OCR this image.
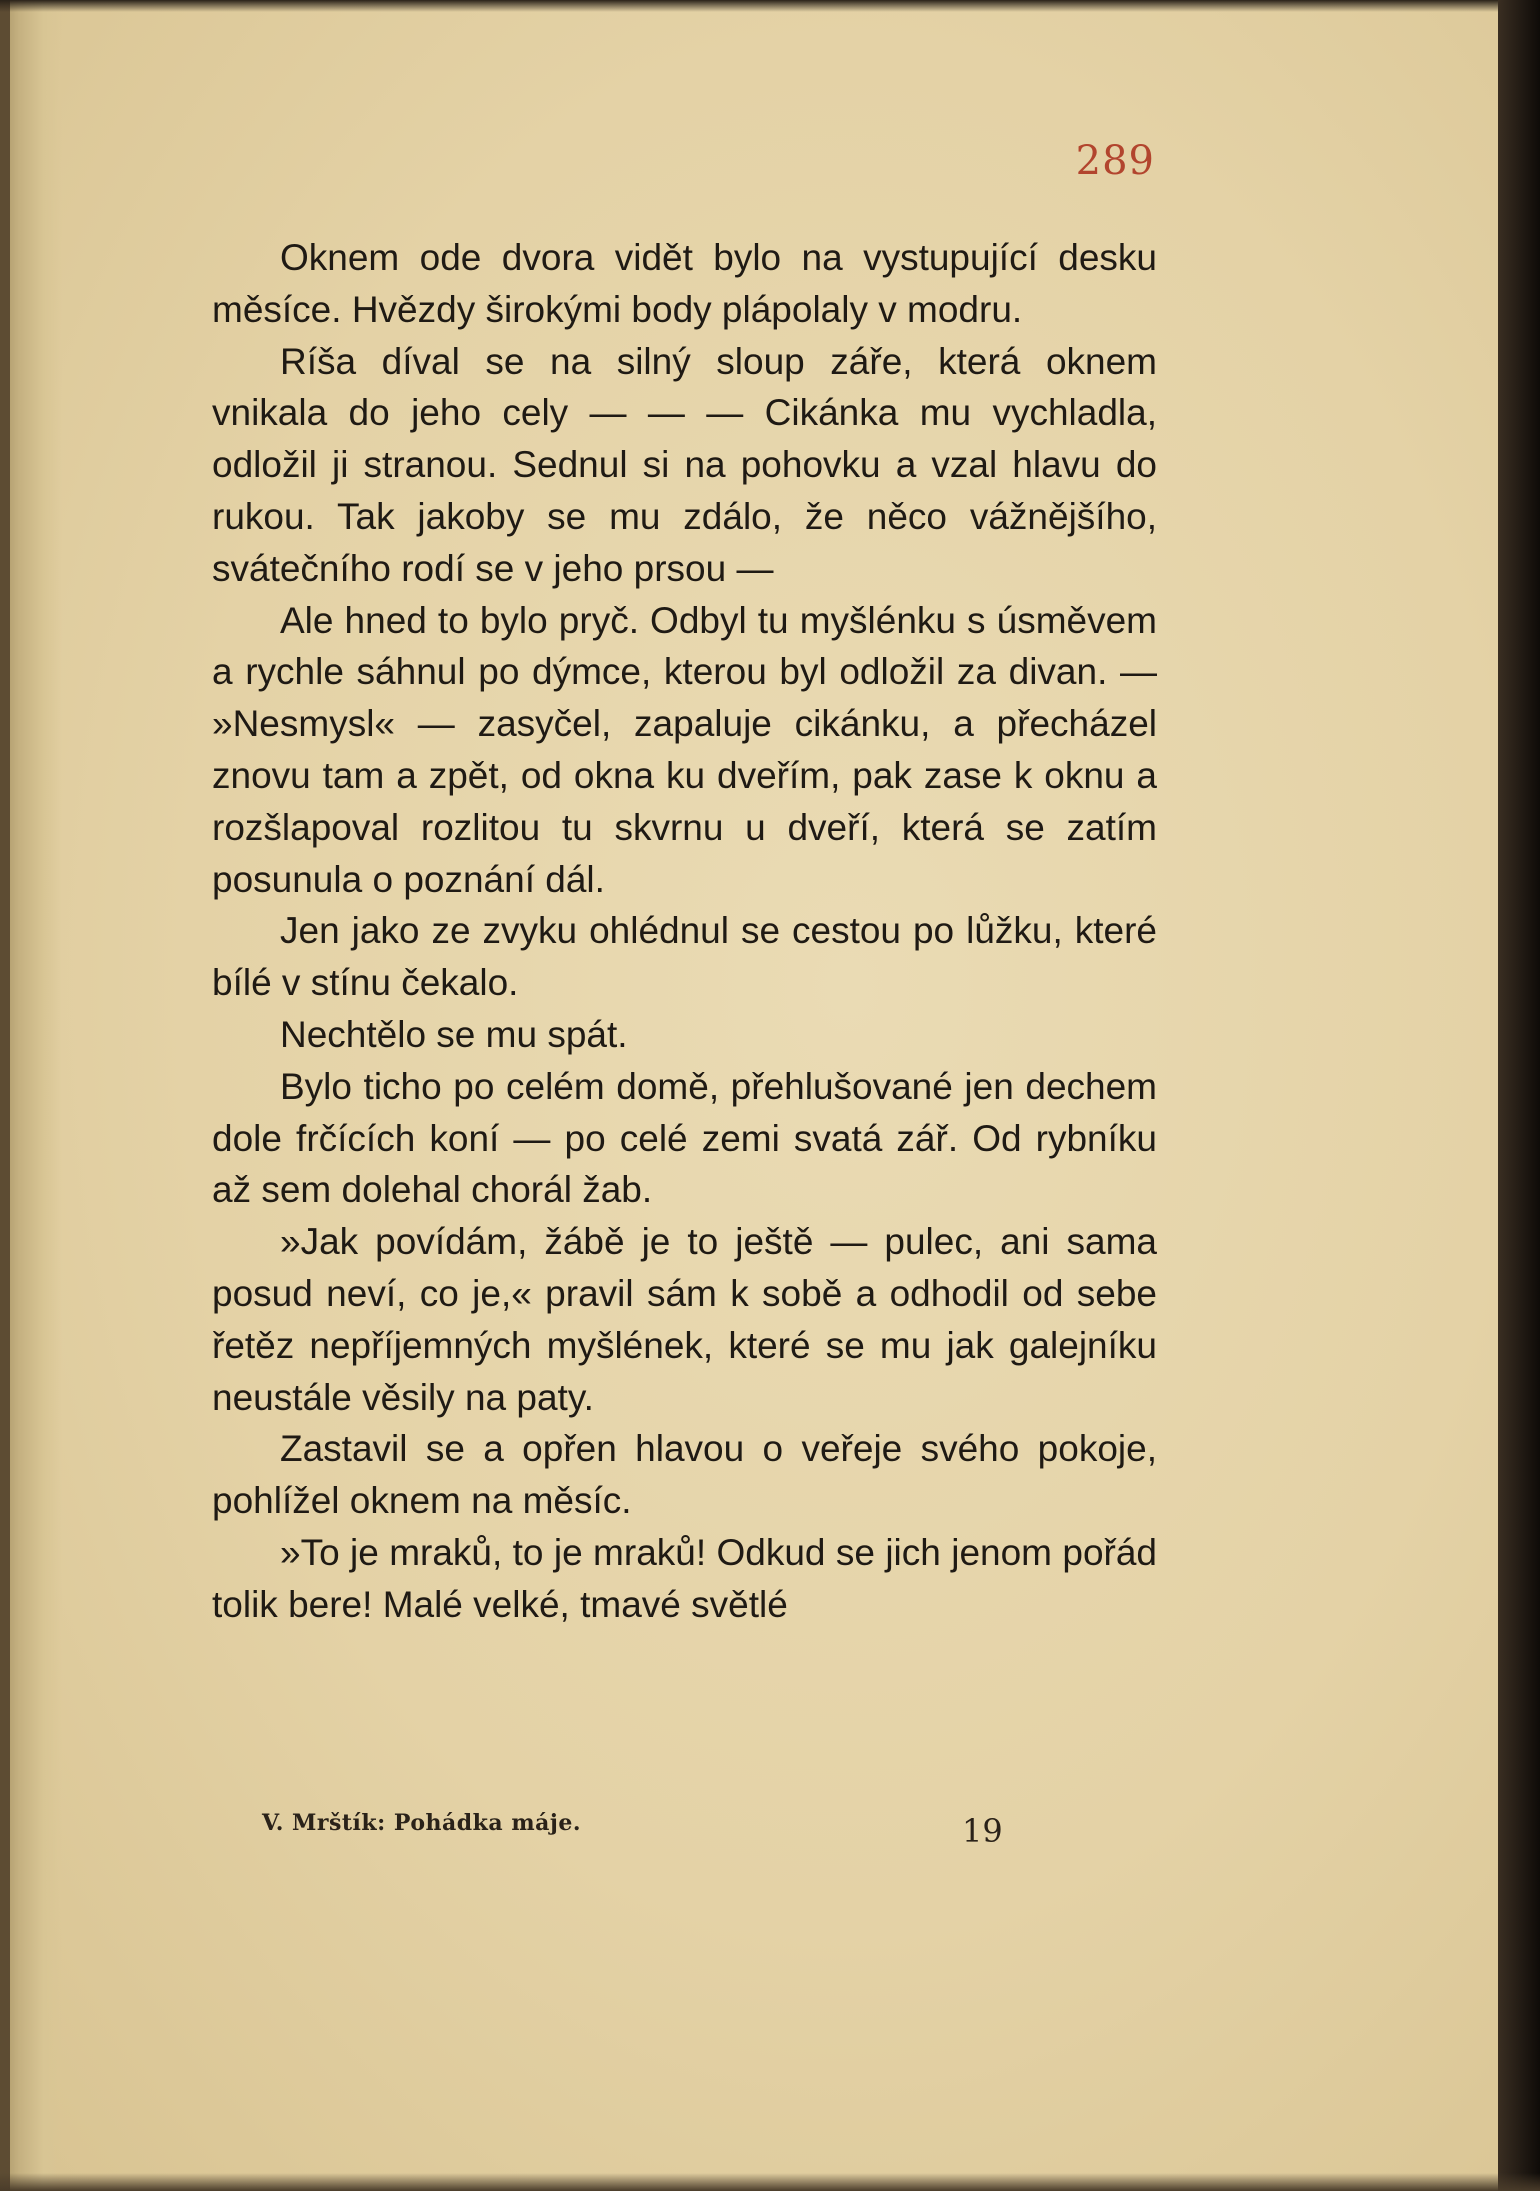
289

Oknem ode dvora vidět bylo na vystupující desku měsíce. Hvězdy širokými body plápolaly v modru.

Ríša díval se na silný sloup záře, která oknem vnikala do jeho cely — — — Cikánka mu vychladla, odložil ji stranou. Sednul si na pohovku a vzal hlavu do rukou. Tak jakoby se mu zdálo, že něco vážnějšího, svátečního rodí se v jeho prsou —

Ale hned to bylo pryč. Odbyl tu myšlénku s úsměvem a rychle sáhnul po dýmce, kterou byl odložil za divan. — »Nesmysl« — zasyčel, zapaluje cikánku, a přecházel znovu tam a zpět, od okna ku dveřím, pak zase k oknu a rozšlapoval rozlitou tu skvrnu u dveří, která se zatím posunula o poznání dál.

Jen jako ze zvyku ohlédnul se cestou po lůžku, které bílé v stínu čekalo.

Nechtělo se mu spát.

Bylo ticho po celém domě, přehlušované jen dechem dole frčících koní — po celé zemi svatá zář. Od rybníku až sem dolehal chorál žab.

»Jak povídám, žábě je to ještě — pulec, ani sama posud neví, co je,« pravil sám k sobě a odhodil od sebe řetěz nepříjemných myšlének, které se mu jak galejníku neustále věsily na paty.

Zastavil se a opřen hlavou o veřeje svého pokoje, pohlížel oknem na měsíc.

»To je mraků, to je mraků! Odkud se jich jenom pořád tolik bere! Malé velké, tmavé světlé

V. Mrštík: Pohádka máje.	19
